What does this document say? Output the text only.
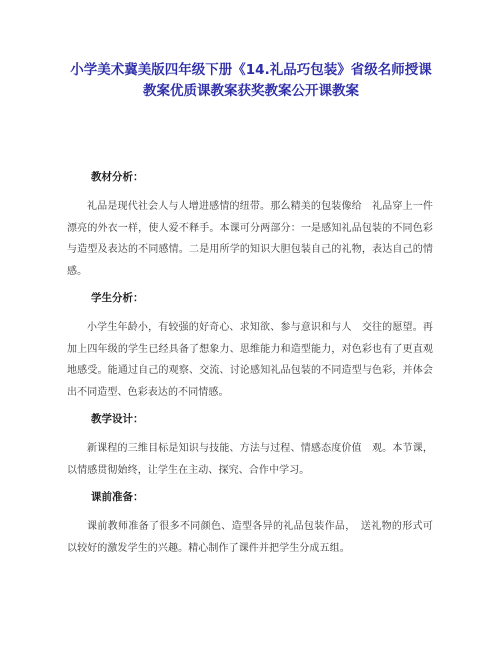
小学美术冀美版四年级下册《14.礼品巧包装》省级名师授课
教案优质课教案获奖教案公开课教案
教材分析：

礼品是现代社会人与人增进感情的纽带。那么精美的包装像给　礼品穿上一件漂亮的外衣一样，使人爱不释手。本课可分两部分：一是感知礼品包装的不同色彩与造型及表达的不同感情。二是用所学的知识大胆包装自己的礼物，表达自己的情感。

学生分析：

小学生年龄小，有较强的好奇心、求知欲、参与意识和与人　交往的愿望。再加上四年级的学生已经具备了想象力、思维能力和造型能力，对色彩也有了更直观地感受。能通过自己的观察、交流、讨论感知礼品包装的不同造型与色彩，并体会出不同造型、色彩表达的不同情感。

教学设计：

新课程的三维目标是知识与技能、方法与过程、情感态度价值　观。本节课，以情感贯彻始终，让学生在主动、探究、合作中学习。

课前准备：

课前教师准备了很多不同颜色、造型各异的礼品包装作品，　送礼物的形式可以较好的激发学生的兴趣。精心制作了课件并把学生分成五组。
